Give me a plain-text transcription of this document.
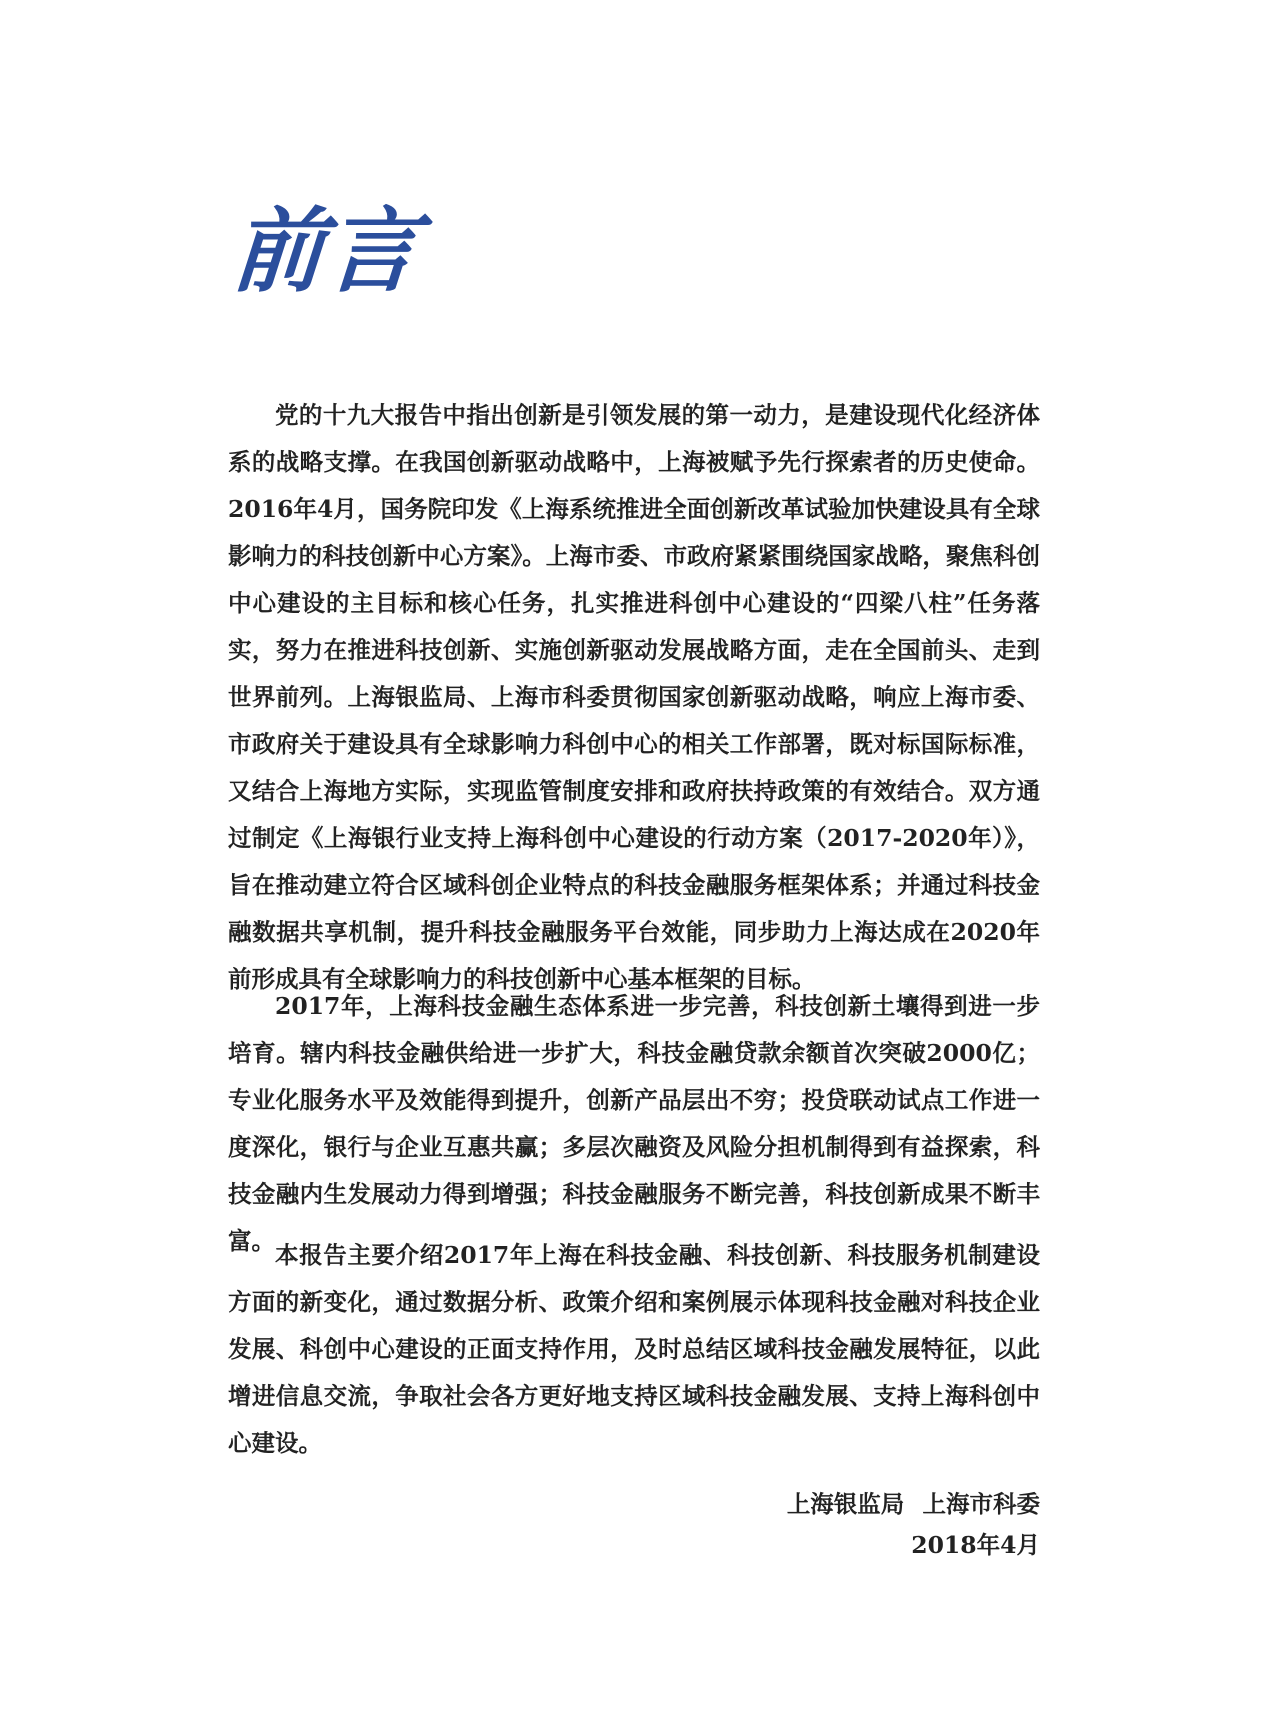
前言

党的十九大报告中指出创新是引领发展的第一动力，是建设现代化经济体系的战略支撑。在我国创新驱动战略中，上海被赋予先行探索者的历史使命。2016年4月，国务院印发《上海系统推进全面创新改革试验加快建设具有全球影响力的科技创新中心方案》。上海市委、市政府紧紧围绕国家战略，聚焦科创中心建设的主目标和核心任务，扎实推进科创中心建设的“四梁八柱”任务落实，努力在推进科技创新、实施创新驱动发展战略方面，走在全国前头、走到世界前列。上海银监局、上海市科委贯彻国家创新驱动战略，响应上海市委、市政府关于建设具有全球影响力科创中心的相关工作部署，既对标国际标准，又结合上海地方实际，实现监管制度安排和政府扶持政策的有效结合。双方通过制定《上海银行业支持上海科创中心建设的行动方案（2017-2020年）》，旨在推动建立符合区域科创企业特点的科技金融服务框架体系；并通过科技金融数据共享机制，提升科技金融服务平台效能，同步助力上海达成在2020年前形成具有全球影响力的科技创新中心基本框架的目标。

2017年，上海科技金融生态体系进一步完善，科技创新土壤得到进一步培育。辖内科技金融供给进一步扩大，科技金融贷款余额首次突破2000亿；专业化服务水平及效能得到提升，创新产品层出不穷；投贷联动试点工作进一度深化，银行与企业互惠共赢；多层次融资及风险分担机制得到有益探索，科技金融内生发展动力得到增强；科技金融服务不断完善，科技创新成果不断丰富。 本报告主要介绍2017年上海在科技金融、科技创新、科技服务机制建设方面的新变化，通过数据分析、政策介绍和案例展示体现科技金融对科技企业发展、科创中心建设的正面支持作用，及时总结区域科技金融发展特征，以此增进信息交流，争取社会各方更好地支持区域科技金融发展、支持上海科创中心建设。

上海银监局 上海市科委
2018年4月
